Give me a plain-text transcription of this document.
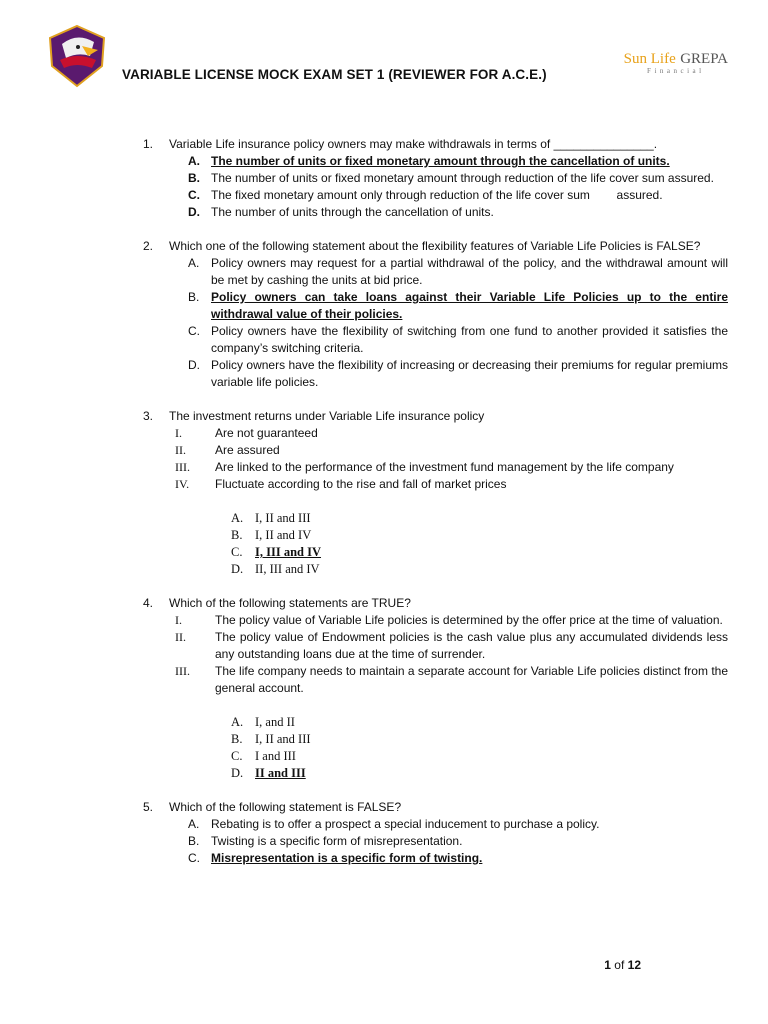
Sun Life GREPA
Financial
VARIABLE LICENSE MOCK EXAM SET 1 (REVIEWER FOR A.C.E.)
1. Variable Life insurance policy owners may make withdrawals in terms of _______________.
A. The number of units or fixed monetary amount through the cancellation of units.
B. The number of units or fixed monetary amount through reduction of the life cover sum assured.
C. The fixed monetary amount only through reduction of the life cover sum        assured.
D. The number of units through the cancellation of units.
2. Which one of the following statement about the flexibility features of Variable Life Policies is FALSE?
A. Policy owners may request for a partial withdrawal of the policy, and the withdrawal amount will be met by cashing the units at bid price.
B. Policy owners can take loans against their Variable Life Policies up to the entire withdrawal value of their policies.
C. Policy owners have the flexibility of switching from one fund to another provided it satisfies the company’s switching criteria.
D. Policy owners have the flexibility of increasing or decreasing their premiums for regular premiums variable life policies.
3. The investment returns under Variable Life insurance policy
I.	Are not guaranteed
II. Are assured
III. Are linked to the performance of the investment fund management by the life company
IV. Fluctuate according to the rise and fall of market prices
A. I, II and III
B. I, II and IV
C. I, III and IV
D. II, III and IV
4. Which of the following statements are TRUE?
I.	The policy value of Variable Life policies is determined by the offer price at the time of valuation.
II. The policy value of Endowment policies is the cash value plus any accumulated dividends less any outstanding loans due at the time of surrender.
III. The life company needs to maintain a separate account for Variable Life policies distinct from the general account.
A. I, and II
B. I, II and III
C. I and III
D. II and III
5. Which of the following statement is FALSE?
A. Rebating is to offer a prospect a special inducement to purchase a policy.
B. Twisting is a specific form of misrepresentation.
C. Misrepresentation is a specific form of twisting.
1 of 12
